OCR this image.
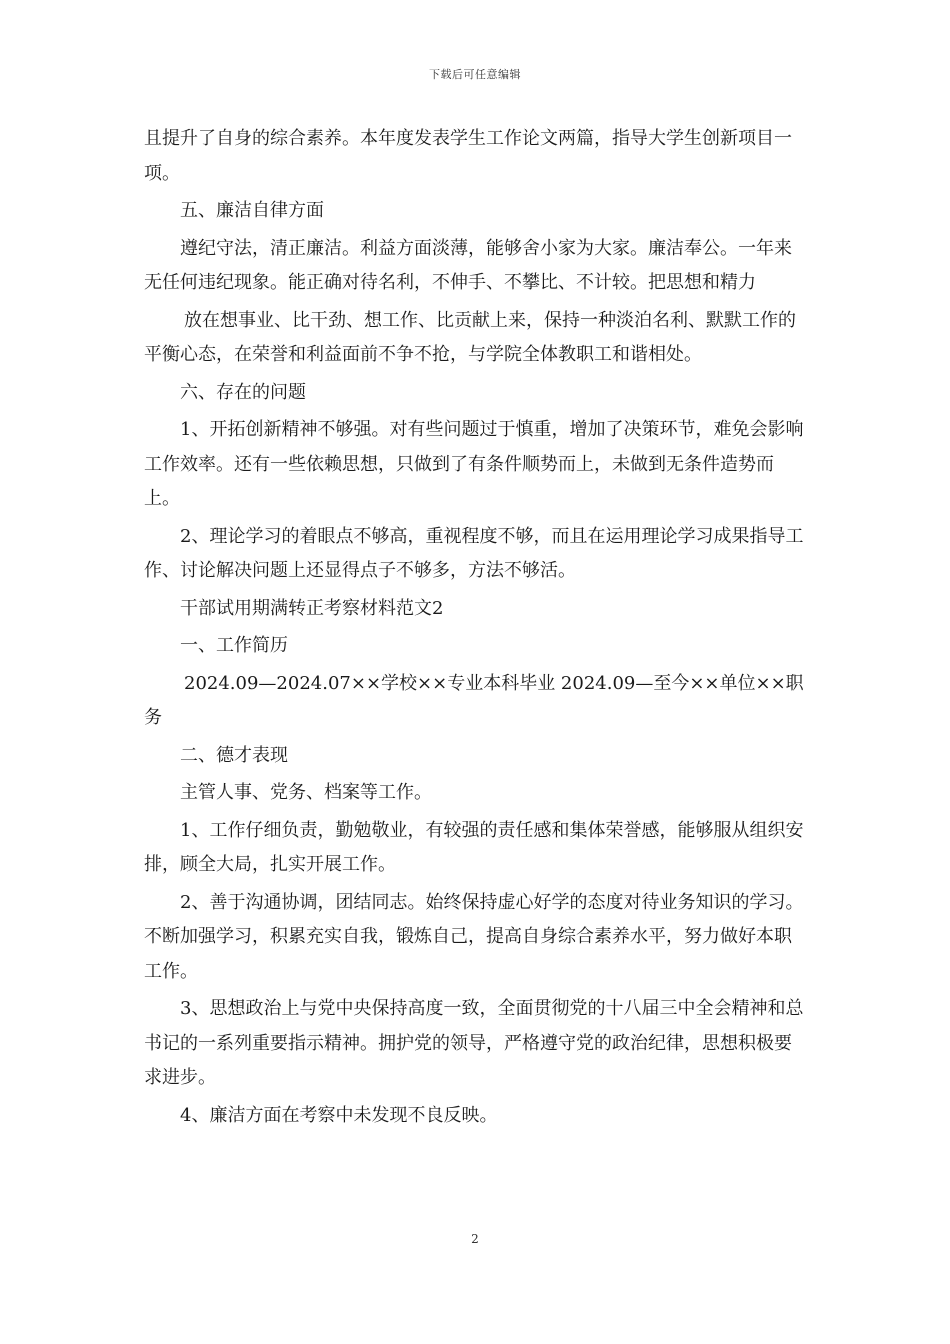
下载后可任意编辑

且提升了自身的综合素养。本年度发表学生工作论文两篇，指导大学生创新项目一项。

五、廉洁自律方面

遵纪守法，清正廉洁。利益方面淡薄，能够舍小家为大家。廉洁奉公。一年来无任何违纪现象。能正确对待名利，不伸手、不攀比、不计较。把思想和精力

放在想事业、比干劲、想工作、比贡献上来，保持一种淡泊名利、默默工作的平衡心态，在荣誉和利益面前不争不抢，与学院全体教职工和谐相处。

六、存在的问题

1、开拓创新精神不够强。对有些问题过于慎重，增加了决策环节，难免会影响工作效率。还有一些依赖思想，只做到了有条件顺势而上，未做到无条件造势而上。

2、理论学习的着眼点不够高，重视程度不够，而且在运用理论学习成果指导工作、讨论解决问题上还显得点子不够多，方法不够活。

干部试用期满转正考察材料范文2

一、工作简历

2024.09—2024.07××学校××专业本科毕业 2024.09—至今××单位××职务

二、德才表现

主管人事、党务、档案等工作。

1、工作仔细负责，勤勉敬业，有较强的责任感和集体荣誉感，能够服从组织安排，顾全大局，扎实开展工作。

2、善于沟通协调，团结同志。始终保持虚心好学的态度对待业务知识的学习。不断加强学习，积累充实自我，锻炼自己，提高自身综合素养水平，努力做好本职工作。

3、思想政治上与党中央保持高度一致，全面贯彻党的十八届三中全会精神和总书记的一系列重要指示精神。拥护党的领导，严格遵守党的政治纪律，思想积极要求进步。

4、廉洁方面在考察中未发现不良反映。

2
